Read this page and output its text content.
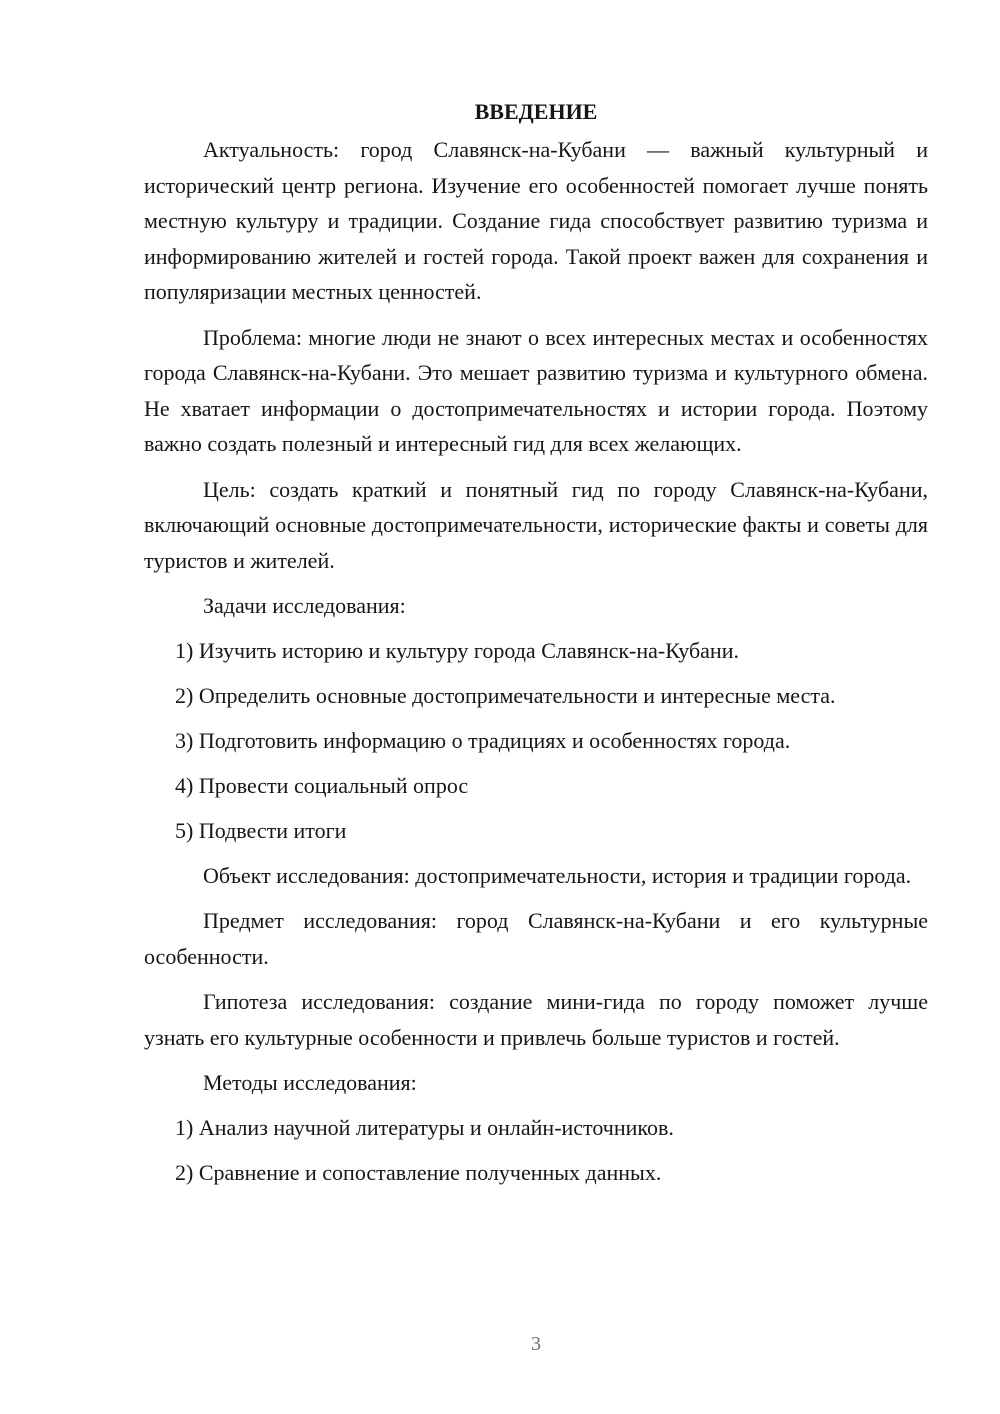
ВВЕДЕНИЕ

Актуальность: город Славянск-на-Кубани — важный культурный и исторический центр региона. Изучение его особенностей помогает лучше понять местную культуру и традиции. Создание гида способствует развитию туризма и информированию жителей и гостей города. Такой проект важен для сохранения и популяризации местных ценностей.

Проблема: многие люди не знают о всех интересных местах и особенностях города Славянск-на-Кубани. Это мешает развитию туризма и культурного обмена. Не хватает информации о достопримечательностях и истории города. Поэтому важно создать полезный и интересный гид для всех желающих.

Цель: создать краткий и понятный гид по городу Славянск-на-Кубани, включающий основные достопримечательности, исторические факты и советы для туристов и жителей.

Задачи исследования:
1) Изучить историю и культуру города Славянск-на-Кубани.
2) Определить основные достопримечательности и интересные места.
3) Подготовить информацию о традициях и особенностях города.
4) Провести социальный опрос
5) Подвести итоги

Объект исследования: достопримечательности, история и традиции города.

Предмет исследования: город Славянск-на-Кубани и его культурные особенности.

Гипотеза исследования: создание мини-гида по городу поможет лучше узнать его культурные особенности и привлечь больше туристов и гостей.

Методы исследования:
1) Анализ научной литературы и онлайн-источников.
2) Сравнение и сопоставление полученных данных.
3
